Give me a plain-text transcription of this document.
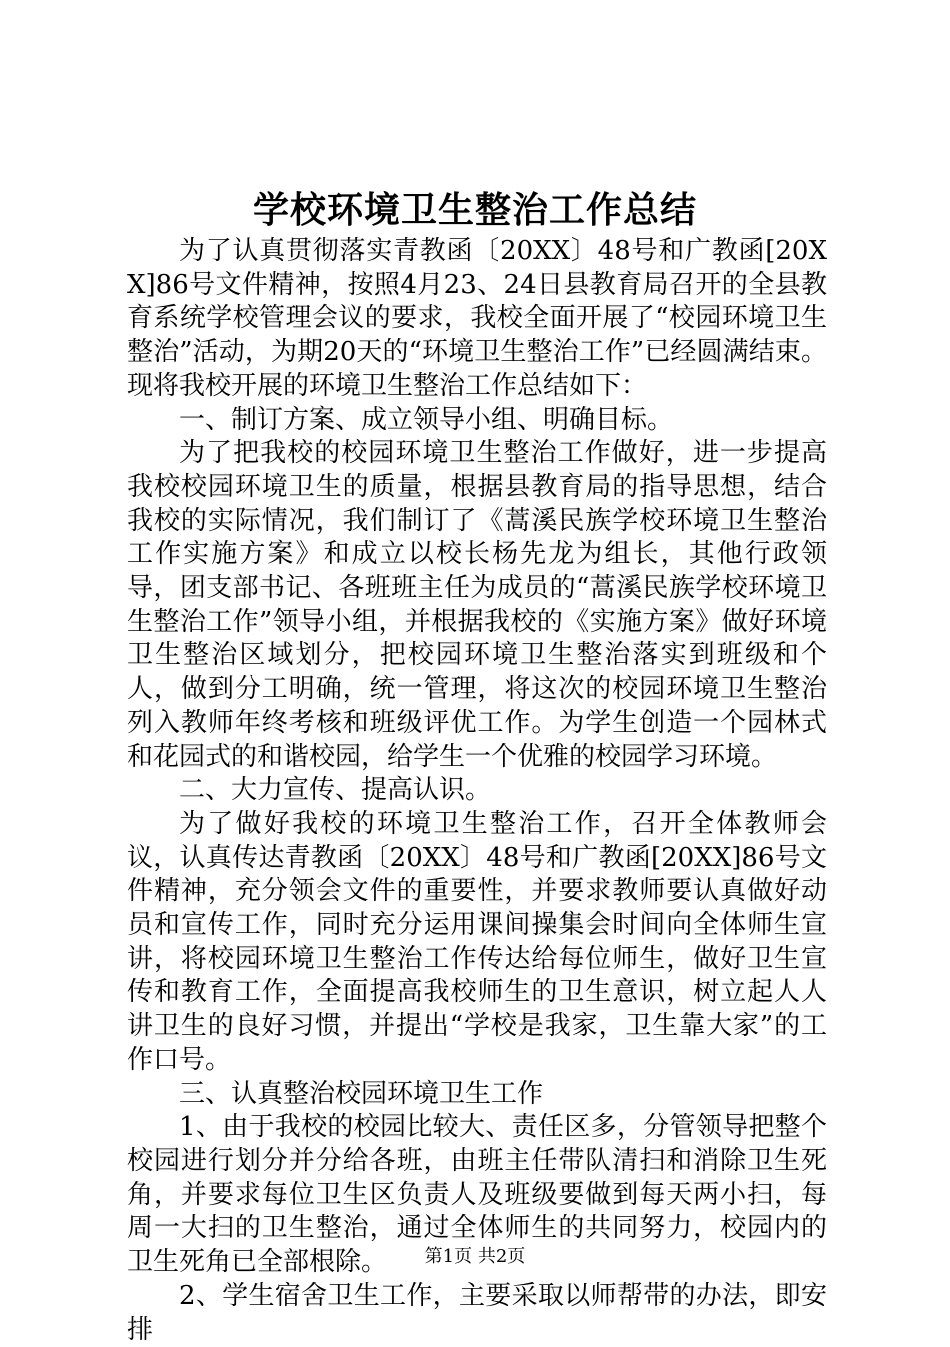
学校环境卫生整治工作总结

为了认真贯彻落实青教函〔20XX〕48号和广教函[20XX]86号文件精神，按照4月23、24日县教育局召开的全县教育系统学校管理会议的要求，我校全面开展了“校园环境卫生整治”活动，为期20天的“环境卫生整治工作”已经圆满结束。现将我校开展的环境卫生整治工作总结如下：

一、制订方案、成立领导小组、明确目标。

为了把我校的校园环境卫生整治工作做好，进一步提高我校校园环境卫生的质量，根据县教育局的指导思想，结合我校的实际情况，我们制订了《蒿溪民族学校环境卫生整治工作实施方案》和成立以校长杨先龙为组长，其他行政领导，团支部书记、各班班主任为成员的“蒿溪民族学校环境卫生整治工作”领导小组，并根据我校的《实施方案》做好环境卫生整治区域划分，把校园环境卫生整治落实到班级和个人，做到分工明确，统一管理，将这次的校园环境卫生整治列入教师年终考核和班级评优工作。为学生创造一个园林式和花园式的和谐校园，给学生一个优雅的校园学习环境。

二、大力宣传、提高认识。

为了做好我校的环境卫生整治工作，召开全体教师会议，认真传达青教函〔20XX〕48号和广教函[20XX]86号文件精神，充分领会文件的重要性，并要求教师要认真做好动员和宣传工作，同时充分运用课间操集会时间向全体师生宣讲，将校园环境卫生整治工作传达给每位师生，做好卫生宣传和教育工作，全面提高我校师生的卫生意识，树立起人人讲卫生的良好习惯，并提出“学校是我家，卫生靠大家”的工作口号。

三、认真整治校园环境卫生工作

1、由于我校的校园比较大、责任区多，分管领导把整个校园进行划分并分给各班，由班主任带队清扫和消除卫生死角，并要求每位卫生区负责人及班级要做到每天两小扫，每周一大扫的卫生整治，通过全体师生的共同努力，校园内的卫生死角已全部根除。

2、学生宿舍卫生工作，主要采取以师帮带的办法，即安排

第1页 共2页
